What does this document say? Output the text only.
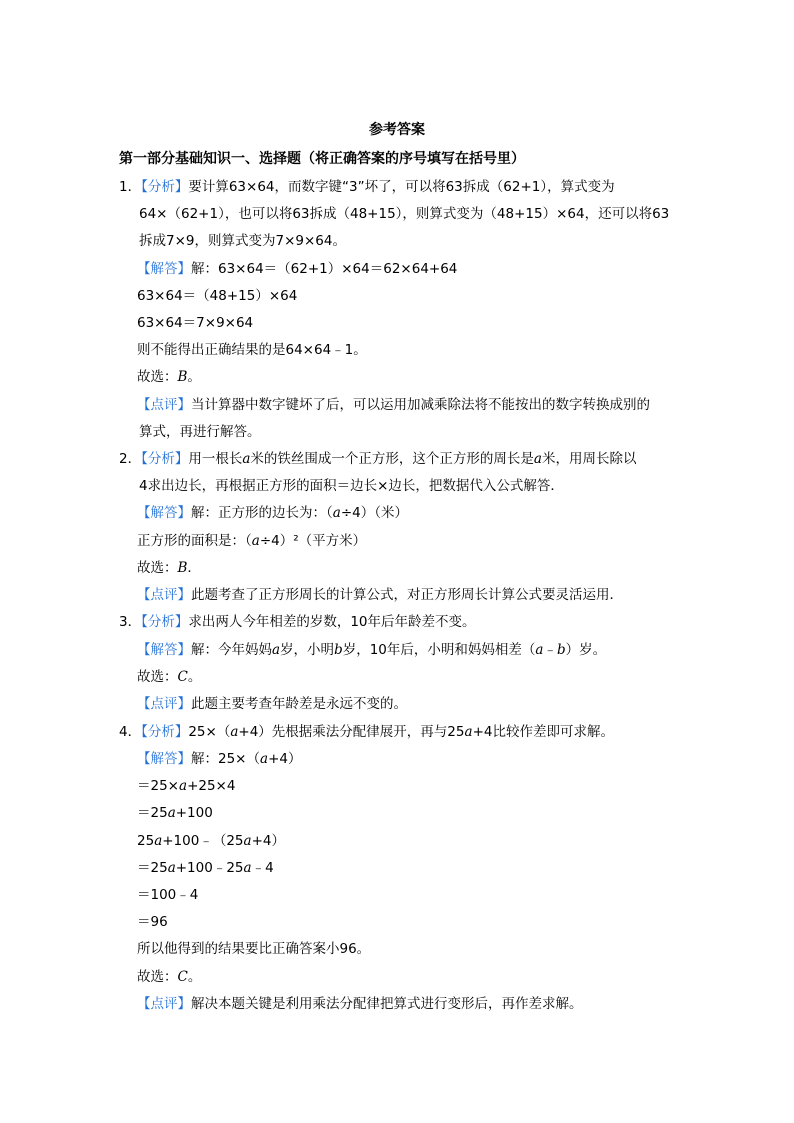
参考答案
第一部分基础知识一、选择题（将正确答案的序号填写在括号里）
1．【分析】要计算63×64，而数字键“3”坏了，可以将63拆成（62+1），算式变为
64×（62+1），也可以将63拆成（48+15），则算式变为（48+15）×64，还可以将63
拆成7×9，则算式变为7×9×64。
【解答】解：63×64＝（62+1）×64＝62×64+64
63×64＝（48+15）×64
63×64＝7×9×64
则不能得出正确结果的是64×64﹣1。
故选：B。
【点评】当计算器中数字键坏了后，可以运用加减乘除法将不能按出的数字转换成别的
算式，再进行解答。
2．【分析】用一根长a米的铁丝围成一个正方形，这个正方形的周长是a米，用周长除以
4求出边长，再根据正方形的面积＝边长×边长，把数据代入公式解答．
【解答】解：正方形的边长为：（a÷4）（米）
正方形的面积是：（a÷4）²（平方米）
故选：B．
【点评】此题考查了正方形周长的计算公式，对正方形周长计算公式要灵活运用．
3．【分析】求出两人今年相差的岁数，10年后年龄差不变。
【解答】解：今年妈妈a岁，小明b岁，10年后，小明和妈妈相差（a﹣b）岁。
故选：C。
【点评】此题主要考查年龄差是永远不变的。
4．【分析】25×（a+4）先根据乘法分配律展开，再与25a+4比较作差即可求解。
【解答】解：25×（a+4）
＝25×a+25×4
＝25a+100
25a+100﹣（25a+4）
＝25a+100﹣25a﹣4
＝100﹣4
＝96
所以他得到的结果要比正确答案小96。
故选：C。
【点评】解决本题关键是利用乘法分配律把算式进行变形后，再作差求解。
